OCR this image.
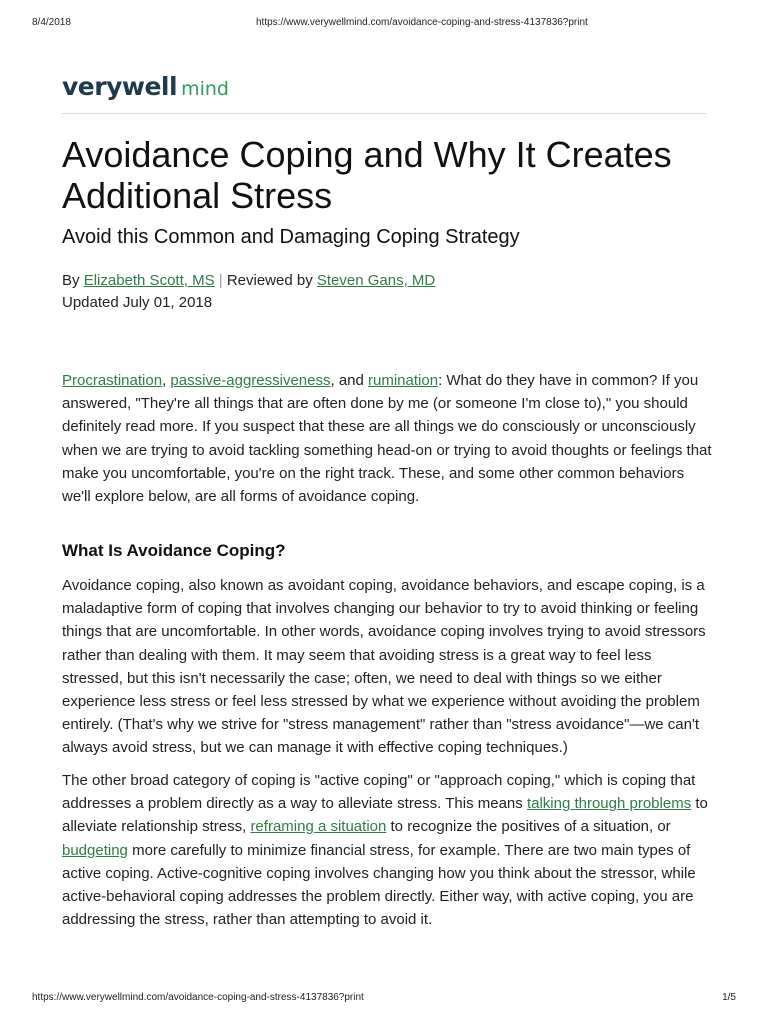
8/4/2018	https://www.verywellmind.com/avoidance-coping-and-stress-4137836?print
verywell mind
Avoidance Coping and Why It Creates Additional Stress
Avoid this Common and Damaging Coping Strategy
By Elizabeth Scott, MS | Reviewed by Steven Gans, MD
Updated July 01, 2018

Procrastination, passive-aggressiveness, and rumination: What do they have in common? If you answered, "They're all things that are often done by me (or someone I'm close to)," you should definitely read more. If you suspect that these are all things we do consciously or unconsciously when we are trying to avoid tackling something head-on or trying to avoid thoughts or feelings that make you uncomfortable, you're on the right track. These, and some other common behaviors we'll explore below, are all forms of avoidance coping.

What Is Avoidance Coping?

Avoidance coping, also known as avoidant coping, avoidance behaviors, and escape coping, is a maladaptive form of coping that involves changing our behavior to try to avoid thinking or feeling things that are uncomfortable. In other words, avoidance coping involves trying to avoid stressors rather than dealing with them. It may seem that avoiding stress is a great way to feel less stressed, but this isn't necessarily the case; often, we need to deal with things so we either experience less stress or feel less stressed by what we experience without avoiding the problem entirely. (That's why we strive for "stress management" rather than "stress avoidance"—we can't always avoid stress, but we can manage it with effective coping techniques.)

The other broad category of coping is "active coping" or "approach coping," which is coping that addresses a problem directly as a way to alleviate stress. This means talking through problems to alleviate relationship stress, reframing a situation to recognize the positives of a situation, or budgeting more carefully to minimize financial stress, for example. There are two main types of active coping. Active-cognitive coping involves changing how you think about the stressor, while active-behavioral coping addresses the problem directly. Either way, with active coping, you are addressing the stress, rather than attempting to avoid it.

https://www.verywellmind.com/avoidance-coping-and-stress-4137836?print	1/5
